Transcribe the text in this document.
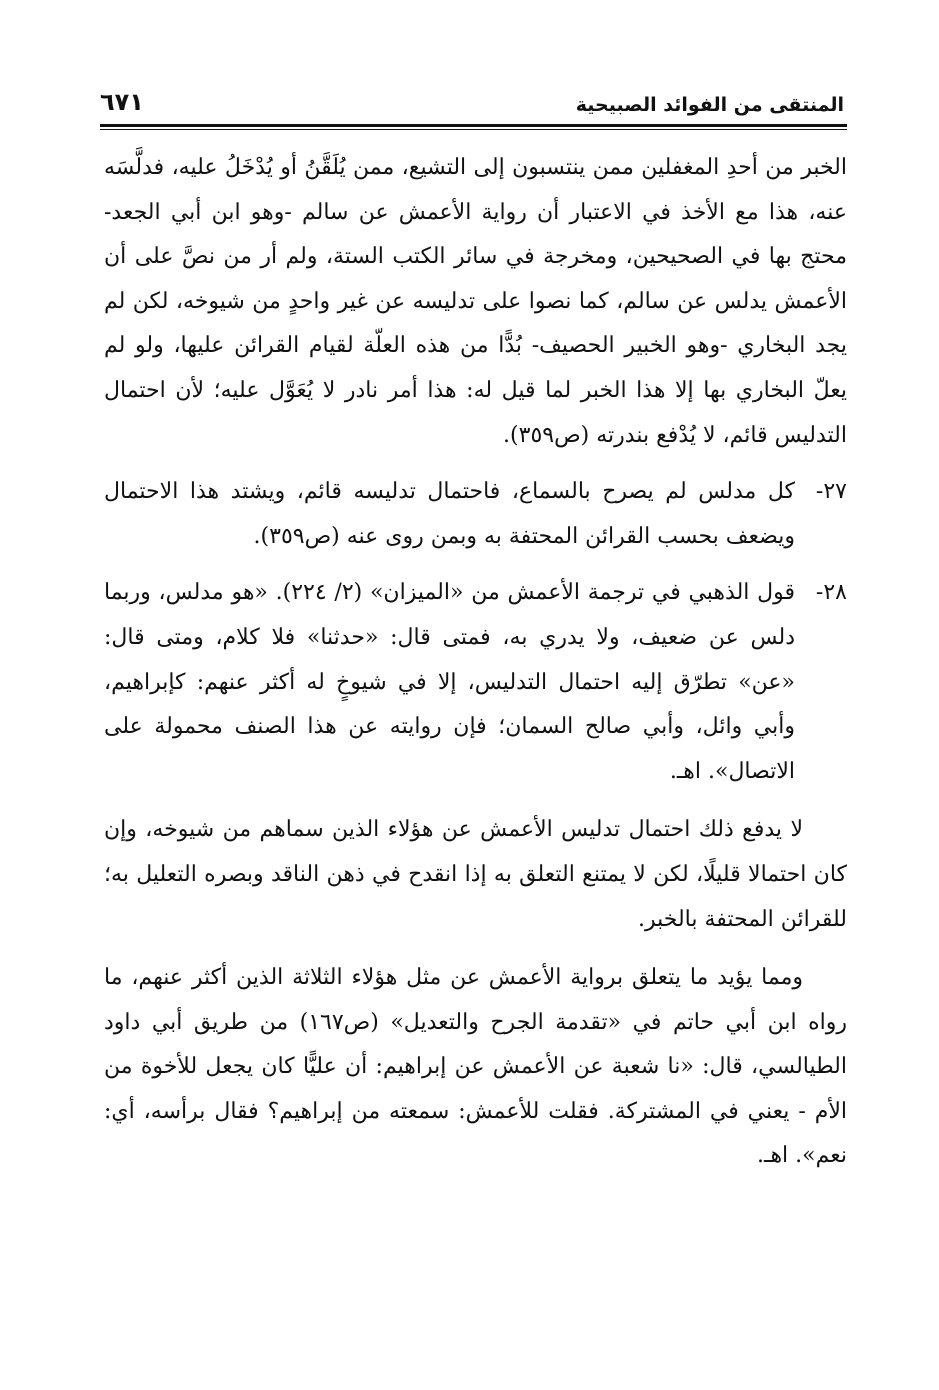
المنتقى من الفوائد الصبيحية
٦٧١

الخبر من أحدِ المغفلين ممن ينتسبون إلى التشيع، ممن يُلَقَّنُ أو يُدْخَلُ عليه، فدلَّسَه عنه، هذا مع الأخذ في الاعتبار أن رواية الأعمش عن سالم -وهو ابن أبي الجعد- محتج بها في الصحيحين، ومخرجة في سائر الكتب الستة، ولم أر من نصَّ على أن الأعمش يدلس عن سالم، كما نصوا على تدليسه عن غير واحدٍ من شيوخه، لكن لم يجد البخاري -وهو الخبير الحصيف- بُدًّا من هذه العلّة لقيام القرائن عليها، ولو لم يعلّ البخاري بها إلا هذا الخبر لما قيل له: هذا أمر نادر لا يُعَوَّل عليه؛ لأن احتمال التدليس قائم، لا يُدْفع بندرته (ص٣٥٩).

٢٧-
كل مدلس لم يصرح بالسماع، فاحتمال تدليسه قائم، ويشتد هذا الاحتمال ويضعف بحسب القرائن المحتفة به وبمن روى عنه (ص٣٥٩).
٢٨-
قول الذهبي في ترجمة الأعمش من «الميزان» (٢/ ٢٢٤). «هو مدلس، وربما دلس عن ضعيف، ولا يدري به، فمتى قال: «حدثنا» فلا كلام، ومتى قال: «عن» تطرّق إليه احتمال التدليس، إلا في شيوخٍ له أكثر عنهم: كإبراهيم، وأبي وائل، وأبي صالح السمان؛ فإن روايته عن هذا الصنف محمولة على الاتصال». اهـ.

لا يدفع ذلك احتمال تدليس الأعمش عن هؤلاء الذين سماهم من شيوخه، وإن كان احتمالا قليلًا، لكن لا يمتنع التعلق به إذا انقدح في ذهن الناقد وبصره التعليل به؛ للقرائن المحتفة بالخبر.

ومما يؤيد ما يتعلق برواية الأعمش عن مثل هؤلاء الثلاثة الذين أكثر عنهم، ما رواه ابن أبي حاتم في «تقدمة الجرح والتعديل» (ص١٦٧) من طريق أبي داود الطيالسي، قال: «نا شعبة عن الأعمش عن إبراهيم: أن عليًّا كان يجعل للأخوة من الأم - يعني في المشتركة. فقلت للأعمش: سمعته من إبراهيم؟ فقال برأسه، أي: نعم». اهـ.
